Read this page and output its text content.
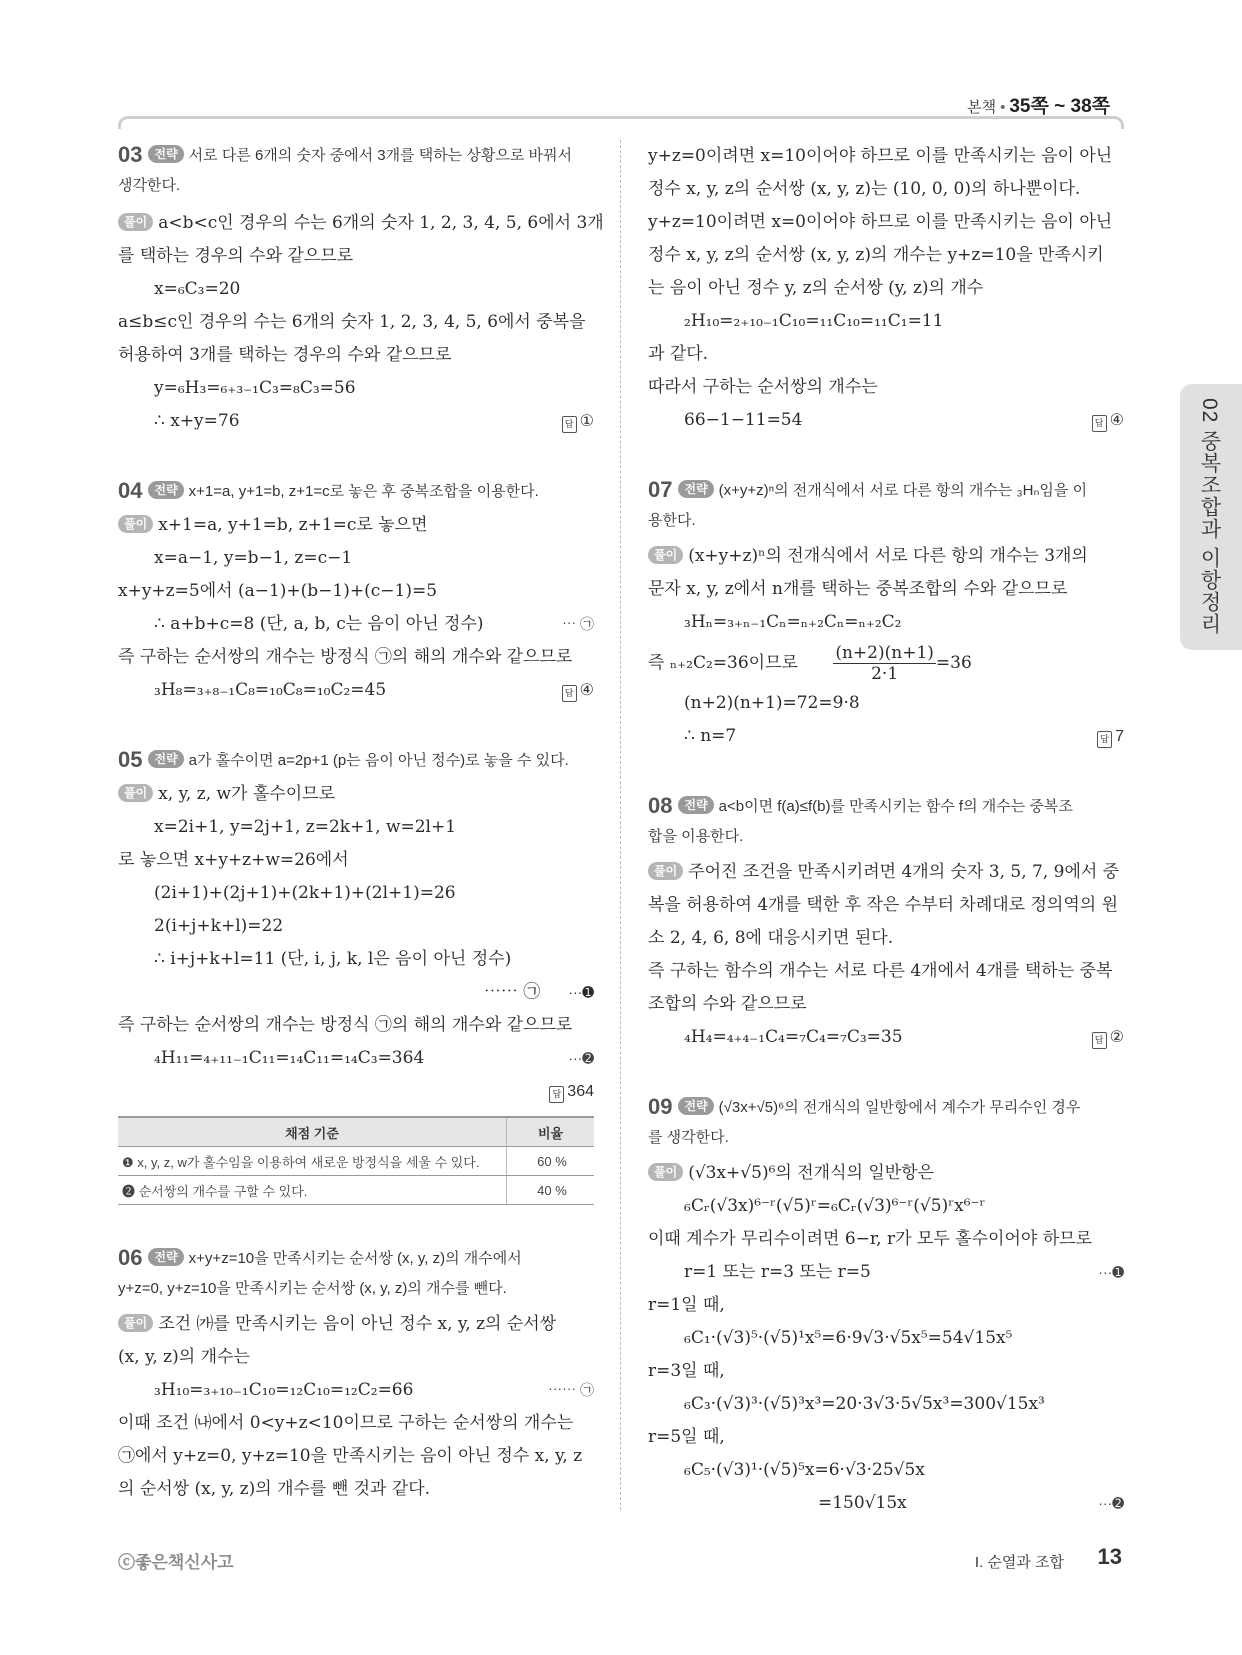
본책 • 35쪽 ~ 38쪽
03 전략 서로 다른 6개의 숫자 중에서 3개를 택하는 상황으로 바꿔서
생각한다.
풀이 a<b<c인 경우의 수는 6개의 숫자 1, 2, 3, 4, 5, 6에서 3개
를 택하는 경우의 수와 같으므로
x=₆C₃=20
a≤b≤c인 경우의 수는 6개의 숫자 1, 2, 3, 4, 5, 6에서 중복을
허용하여 3개를 택하는 경우의 수와 같으므로
y=₆H₃=₆₊₃₋₁C₃=₈C₃=56
답 ①
∴ x+y=76
04 전략 x+1=a, y+1=b, z+1=c로 놓은 후 중복조합을 이용한다.
풀이 x+1=a, y+1=b, z+1=c로 놓으면
x=a−1, y=b−1, z=c−1
x+y+z=5에서 (a−1)+(b−1)+(c−1)=5
⋯ ㉠
∴ a+b+c=8 (단, a, b, c는 음이 아닌 정수)
즉 구하는 순서쌍의 개수는 방정식 ㉠의 해의 개수와 같으므로
답 ④
₃H₈=₃₊₈₋₁C₈=₁₀C₈=₁₀C₂=45
05 전략 a가 홀수이면 a=2p+1 (p는 음이 아닌 정수)로 놓을 수 있다.
풀이 x, y, z, w가 홀수이므로
x=2i+1, y=2j+1, z=2k+1, w=2l+1
로 놓으면 x+y+z+w=26에서
(2i+1)+(2j+1)+(2k+1)+(2l+1)=26
2(i+j+k+l)=22
∴ i+j+k+l=11 (단, i, j, k, l은 음이 아닌 정수)
⋯⋯ ㉠ ···➊
즉 구하는 순서쌍의 개수는 방정식 ㉠의 해의 개수와 같으므로
···➋
₄H₁₁=₄₊₁₁₋₁C₁₁=₁₄C₁₁=₁₄C₃=364
답 364
채점 기준	비율
❶ x, y, z, w가 홀수임을 이용하여 새로운 방정식을 세울 수 있다.	60 %
❷ 순서쌍의 개수를 구할 수 있다.	40 %
06 전략 x+y+z=10을 만족시키는 순서쌍 (x, y, z)의 개수에서
y+z=0, y+z=10을 만족시키는 순서쌍 (x, y, z)의 개수를 뺀다.
풀이 조건 ㈎를 만족시키는 음이 아닌 정수 x, y, z의 순서쌍
(x, y, z)의 개수는
⋯⋯ ㉠
₃H₁₀=₃₊₁₀₋₁C₁₀=₁₂C₁₀=₁₂C₂=66
이때 조건 ㈏에서 0<y+z<10이므로 구하는 순서쌍의 개수는
㉠에서 y+z=0, y+z=10을 만족시키는 음이 아닌 정수 x, y, z
의 순서쌍 (x, y, z)의 개수를 뺀 것과 같다.
y+z=0이려면 x=10이어야 하므로 이를 만족시키는 음이 아닌
정수 x, y, z의 순서쌍 (x, y, z)는 (10, 0, 0)의 하나뿐이다.
y+z=10이려면 x=0이어야 하므로 이를 만족시키는 음이 아닌
정수 x, y, z의 순서쌍 (x, y, z)의 개수는 y+z=10을 만족시키
는 음이 아닌 정수 y, z의 순서쌍 (y, z)의 개수
₂H₁₀=₂₊₁₀₋₁C₁₀=₁₁C₁₀=₁₁C₁=11
과 같다.
따라서 구하는 순서쌍의 개수는
답 ④
66−1−11=54
07 전략 (x+y+z)ⁿ의 전개식에서 서로 다른 항의 개수는 ₃Hₙ임을 이
용한다.
풀이 (x+y+z)ⁿ의 전개식에서 서로 다른 항의 개수는 3개의
문자 x, y, z에서 n개를 택하는 중복조합의 수와 같으므로
₃Hₙ=₃₊ₙ₋₁Cₙ=ₙ₊₂Cₙ=ₙ₊₂C₂
즉 ₙ₊₂C₂=36이므로 $\frac{(n+2)(n+1)}{2\cdot 1} =36$
(n+2)(n+1)=72=9·8
답 7
∴ n=7
08 전략 a<b이면 f(a)≤f(b)를 만족시키는 함수 f의 개수는 중복조
합을 이용한다.
풀이 주어진 조건을 만족시키려면 4개의 숫자 3, 5, 7, 9에서 중
복을 허용하여 4개를 택한 후 작은 수부터 차례대로 정의역의 원
소 2, 4, 6, 8에 대응시키면 된다.
즉 구하는 함수의 개수는 서로 다른 4개에서 4개를 택하는 중복
조합의 수와 같으므로
답 ②
₄H₄=₄₊₄₋₁C₄=₇C₄=₇C₃=35
09 전략 (√3x+√5)⁶의 전개식의 일반항에서 계수가 무리수인 경우
를 생각한다.
풀이 (√3x+√5)⁶의 전개식의 일반항은
₆Cᵣ(√3x)⁶⁻ʳ(√5)ʳ=₆Cᵣ(√3)⁶⁻ʳ(√5)ʳx⁶⁻ʳ
이때 계수가 무리수이려면 6−r, r가 모두 홀수이어야 하므로
···➊
r=1 또는 r=3 또는 r=5
r=1일 때,
₆C₁·(√3)⁵·(√5)¹x⁵=6·9√3·√5x⁵=54√15x⁵
r=3일 때,
₆C₃·(√3)³·(√5)³x³=20·3√3·5√5x³=300√15x³
r=5일 때,
₆C₅·(√3)¹·(√5)⁵x=6·√3·25√5x
···➋
=150√15x
02 중복조합과 이항정리
ⓒ좋은책신사고	I. 순열과 조합 13
